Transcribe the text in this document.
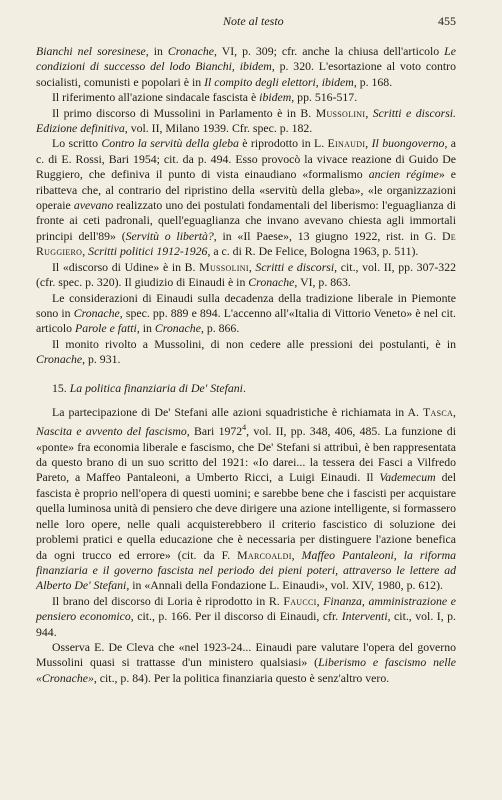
Note al testo	455

Bianchi nel soresinese, in Cronache, VI, p. 309; cfr. anche la chiusa dell'articolo Le condizioni di successo del lodo Bianchi, ibidem, p. 320. L'esortazione al voto contro socialisti, comunisti e popolari è in Il compito degli elettori, ibidem, p. 168.

Il riferimento all'azione sindacale fascista è ibidem, pp. 516-517.

Il primo discorso di Mussolini in Parlamento è in B. Mussolini, Scritti e discorsi. Edizione definitiva, vol. II, Milano 1939. Cfr. spec. p. 182.

Lo scritto Contro la servitù della gleba è riprodotto in L. Einaudi, Il buongoverno, a c. di E. Rossi, Bari 1954; cit. da p. 494. Esso provocò la vivace reazione di Guido De Ruggiero, che definiva il punto di vista einaudiano «formalismo ancien régime» e ribatteva che, al contrario del ripristino della «servitù della gleba», «le organizzazioni operaie avevano realizzato uno dei postulati fondamentali del liberismo: l'eguaglianza di fronte ai ceti padronali, quell'eguaglianza che invano avevano chiesta agli immortali principi dell'89» (Servitù o libertà?, in «Il Paese», 13 giugno 1922, rist. in G. De Ruggiero, Scritti politici 1912-1926, a c. di R. De Felice, Bologna 1963, p. 511).

Il «discorso di Udine» è in B. Mussolini, Scritti e discorsi, cit., vol. II, pp. 307-322 (cfr. spec. p. 320). Il giudizio di Einaudi è in Cronache, VI, p. 863.

Le considerazioni di Einaudi sulla decadenza della tradizione liberale in Piemonte sono in Cronache, spec. pp. 889 e 894. L'accenno all'«Italia di Vittorio Veneto» è nel cit. articolo Parole e fatti, in Cronache, p. 866.

Il monito rivolto a Mussolini, di non cedere alle pressioni dei postulanti, è in Cronache, p. 931.

15. La politica finanziaria di De' Stefani.

La partecipazione di De' Stefani alle azioni squadristiche è richiamata in A. Tasca, Nascita e avvento del fascismo, Bari 1972$^4$, vol. II, pp. 348, 406, 485. La funzione di «ponte» fra economia liberale e fascismo, che De' Stefani si attribuì, è ben rappresentata da questo brano di un suo scritto del 1921: «Io darei... la tessera dei Fasci a Vilfredo Pareto, a Maffeo Pantaleoni, a Umberto Ricci, a Luigi Einaudi. Il Vademecum del fascista è proprio nell'opera di questi uomini; e sarebbe bene che i fascisti per acquistare quella luminosa unità di pensiero che deve dirigere una azione intelligente, si formassero nelle loro opere, nelle quali acquisterebbero il criterio fascistico di soluzione dei problemi pratici e quella educazione che è necessaria per distinguere l'azione benefica da ogni trucco ed errore» (cit. da F. Marcoaldi, Maffeo Pantaleoni, la riforma finanziaria e il governo fascista nel periodo dei pieni poteri, attraverso le lettere ad Alberto De' Stefani, in «Annali della Fondazione L. Einaudi», vol. XIV, 1980, p. 612).

Il brano del discorso di Loria è riprodotto in R. Faucci, Finanza, amministrazione e pensiero economico, cit., p. 166. Per il discorso di Einaudi, cfr. Interventi, cit., vol. I, p. 944.

Osserva E. De Cleva che «nel 1923-24... Einaudi pare valutare l'opera del governo Mussolini quasi si trattasse d'un ministero qualsiasi» (Liberismo e fascismo nelle «Cronache», cit., p. 84). Per la politica finanziaria questo è senz'altro vero.
